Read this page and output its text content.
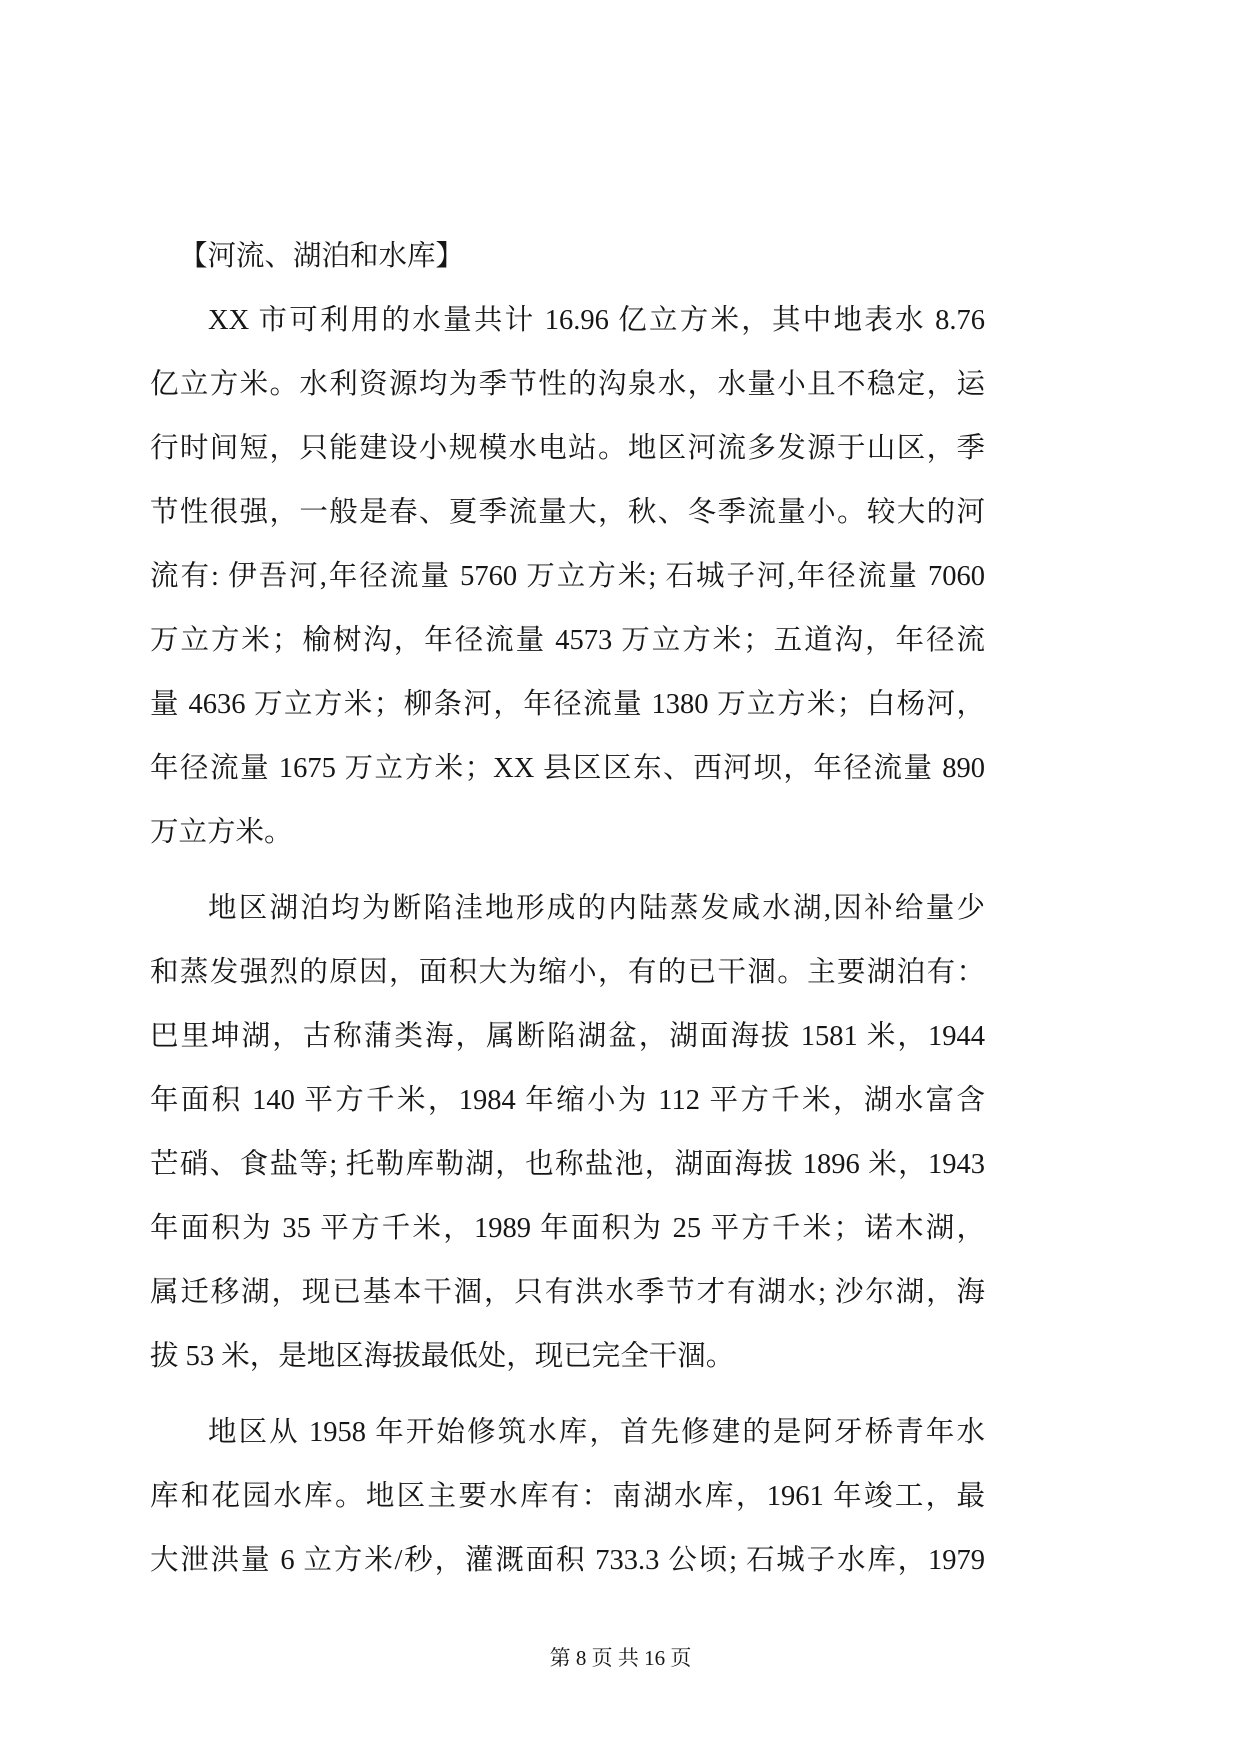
【河流、湖泊和水库】
XX 市可利用的水量共计 16.96 亿立方米，其中地表水 8.76
亿立方米。水利资源均为季节性的沟泉水，水量小且不稳定，运
行时间短，只能建设小规模水电站。地区河流多发源于山区，季
节性很强，一般是春、夏季流量大，秋、冬季流量小。较大的河
流有: 伊吾河,年径流量 5760 万立方米; 石城子河,年径流量 7060
万立方米；榆树沟，年径流量 4573 万立方米；五道沟，年径流
量 4636 万立方米；柳条河，年径流量 1380 万立方米；白杨河，
年径流量 1675 万立方米；XX 县区区东、西河坝，年径流量 890
万立方米。
地区湖泊均为断陷洼地形成的内陆蒸发咸水湖,因补给量少
和蒸发强烈的原因，面积大为缩小，有的已干涸。主要湖泊有：
巴里坤湖，古称蒲类海，属断陷湖盆，湖面海拔 1581 米，1944
年面积 140 平方千米，1984 年缩小为 112 平方千米，湖水富含
芒硝、食盐等; 托勒库勒湖，也称盐池，湖面海拔 1896 米，1943
年面积为 35 平方千米，1989 年面积为 25 平方千米；诺木湖，
属迁移湖，现已基本干涸，只有洪水季节才有湖水; 沙尔湖，海
拔 53 米，是地区海拔最低处，现已完全干涸。
地区从 1958 年开始修筑水库，首先修建的是阿牙桥青年水
库和花园水库。地区主要水库有：南湖水库，1961 年竣工，最
大泄洪量 6 立方米/秒，灌溉面积 733.3 公顷; 石城子水库，1979
第 8 页 共 16 页
